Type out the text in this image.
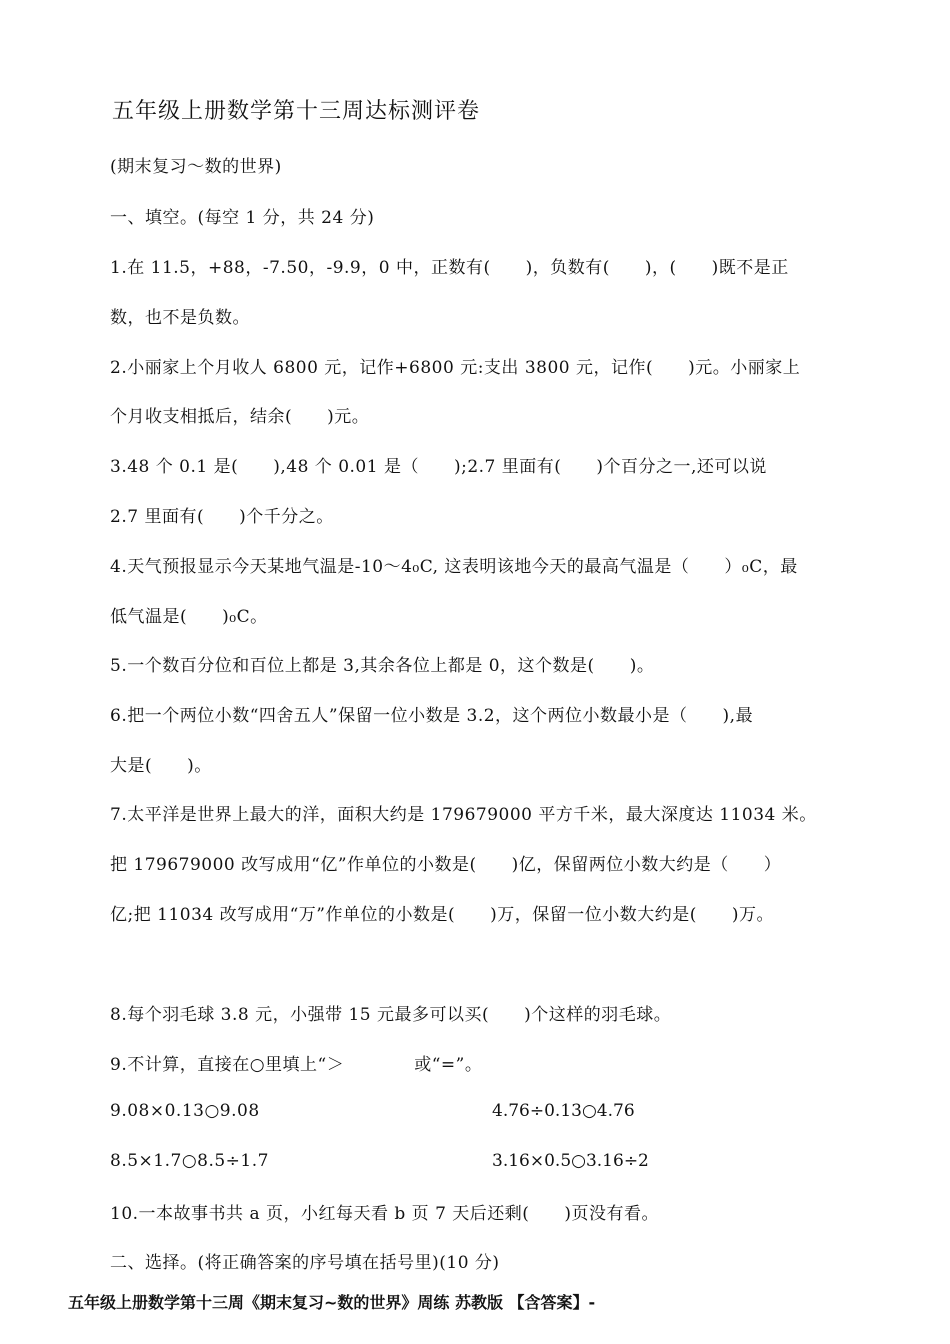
五年级上册数学第十三周达标测评卷
(期末复习～数的世界)
一、填空。(每空 1 分，共 24 分)
1.在 11.5，+88，-7.50，-9.9，0 中，正数有(　　)，负数有(　　)，(　　)既不是正
数，也不是负数。
2.小丽家上个月收人 6800 元，记作+6800 元:支出 3800 元，记作(　　)元。小丽家上
个月收支相抵后，结余(　　)元。
3.48 个 0.1 是(　　),48 个 0.01 是（　　);2.7 里面有(　　)个百分之一,还可以说
2.7 里面有(　　)个千分之。
4.天气预报显示今天某地气温是-10～4₀C, 这表明该地今天的最高气温是（　　）₀C，最
低气温是(　　)₀C。
5.一个数百分位和百位上都是 3,其余各位上都是 0，这个数是(　　)。
6.把一个两位小数“四舍五人”保留一位小数是 3.2，这个两位小数最小是（　　),最
大是(　　)。
7.太平洋是世界上最大的洋，面积大约是 179679000 平方千米，最大深度达 11034 米。
把 179679000 改写成用“亿”作单位的小数是(　　)亿，保留两位小数大约是（　　）
亿;把 11034 改写成用“万”作单位的小数是(　　)万，保留一位小数大约是(　　)万。
8.每个羽毛球 3.8 元，小强带 15 元最多可以买(　　)个这样的羽毛球。
9.不计算，直接在○里填上“＞　　　　或“=”。
9.08×0.13○9.08	4.76÷0.13○4.76
8.5×1.7○8.5÷1.7	3.16×0.5○3.16÷2
10.一本故事书共 a 页，小红每天看 b 页 7 天后还剩(　　)页没有看。
二、选择。(将正确答案的序号填在括号里)(10 分)
五年级上册数学第十三周《期末复习~数的世界》周练 苏教版 【含答案】-
